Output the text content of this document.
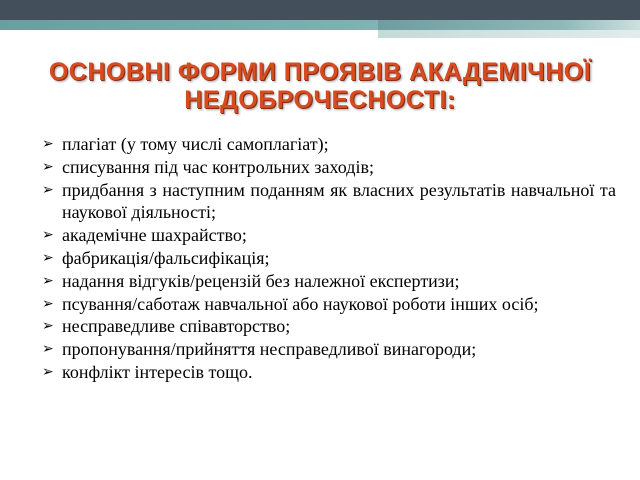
ОСНОВНІ ФОРМИ ПРОЯВІВ АКАДЕМІЧНОЇ
НЕДОБРОЧЕСНОСТІ:
➢ плагіат (у тому числі самоплагіат);
➢ списування під час контрольних заходів;
➢ придбання з наступним поданням як власних результатів навчальної та наукової діяльності;
➢ академічне шахрайство;
➢ фабрикація/фальсифікація;
➢ надання відгуків/рецензій без належної експертизи;
➢ псування/саботаж навчальної або наукової роботи інших осіб;
➢ несправедливе співавторство;
➢ пропонування/прийняття несправедливої винагороди;
➢ конфлікт інтересів тощо.
